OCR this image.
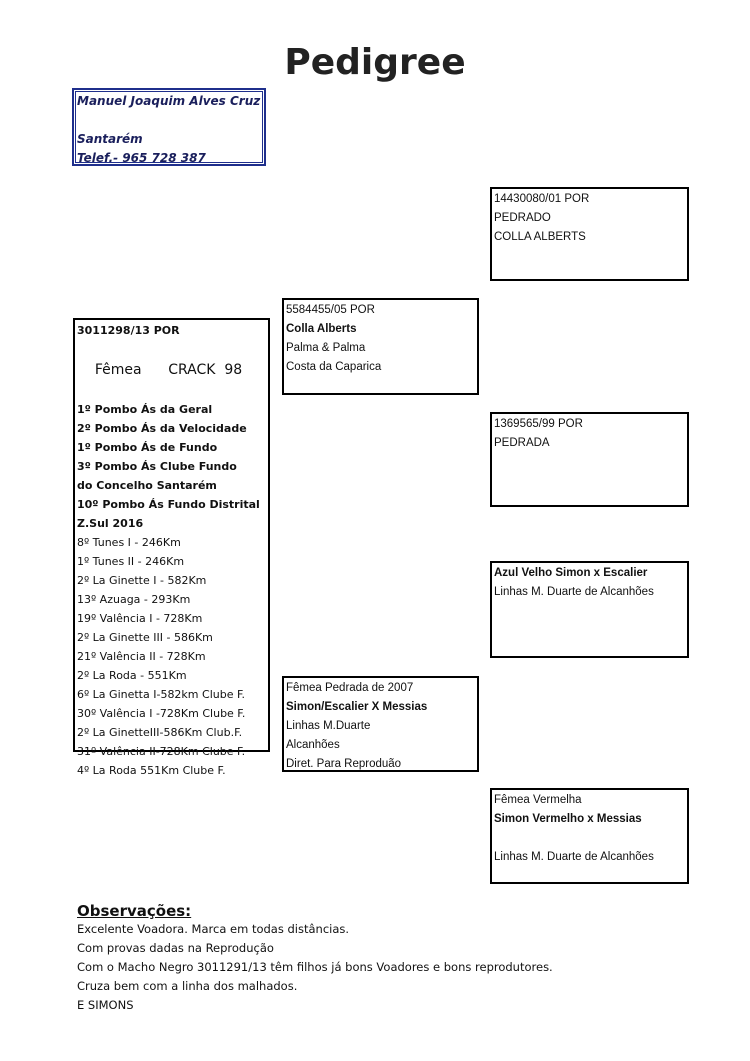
Pedigree
Manuel Joaquim Alves Cruz
Santarém
Telef.- 965 728 387
3011298/13 POR

Fêmea      CRACK  98

1º Pombo Ás da Geral
2º Pombo Ás da Velocidade
1º Pombo Ás de Fundo
3º Pombo Ás Clube Fundo
do Concelho Santarém
10º Pombo Ás Fundo Distrital
Z.Sul 2016
8º Tunes I - 246Km
1º Tunes II - 246Km
2º La Ginette I - 582Km
13º Azuaga - 293Km
19º Valência I - 728Km
2º La Ginette III - 586Km
21º Valência II - 728Km
2º La Roda - 551Km
6º La Ginetta I-582km Clube F.
30º Valência I -728Km Clube F.
2º La GinetteIII-586Km Club.F.
31º Valência II-728Km Clube F.
4º La Roda 551Km Clube F.
5584455/05 POR
Colla Alberts
Palma & Palma
Costa da Caparica
Fêmea Pedrada de 2007
Simon/Escalier X Messias
Linhas M.Duarte
Alcanhões
Diret. Para Reproduão
14430080/01 POR
PEDRADO
COLLA ALBERTS
1369565/99 POR
PEDRADA
Azul Velho Simon x Escalier
Linhas M. Duarte de Alcanhões
Fêmea Vermelha
Simon Vermelho x Messias
Linhas M. Duarte de Alcanhões
Observações:
Excelente Voadora. Marca em todas distâncias.
Com provas dadas na Reprodução
Com o Macho Negro 3011291/13 têm filhos já bons Voadores e bons reprodutores.
Cruza bem com a linha dos malhados.
E SIMONS
